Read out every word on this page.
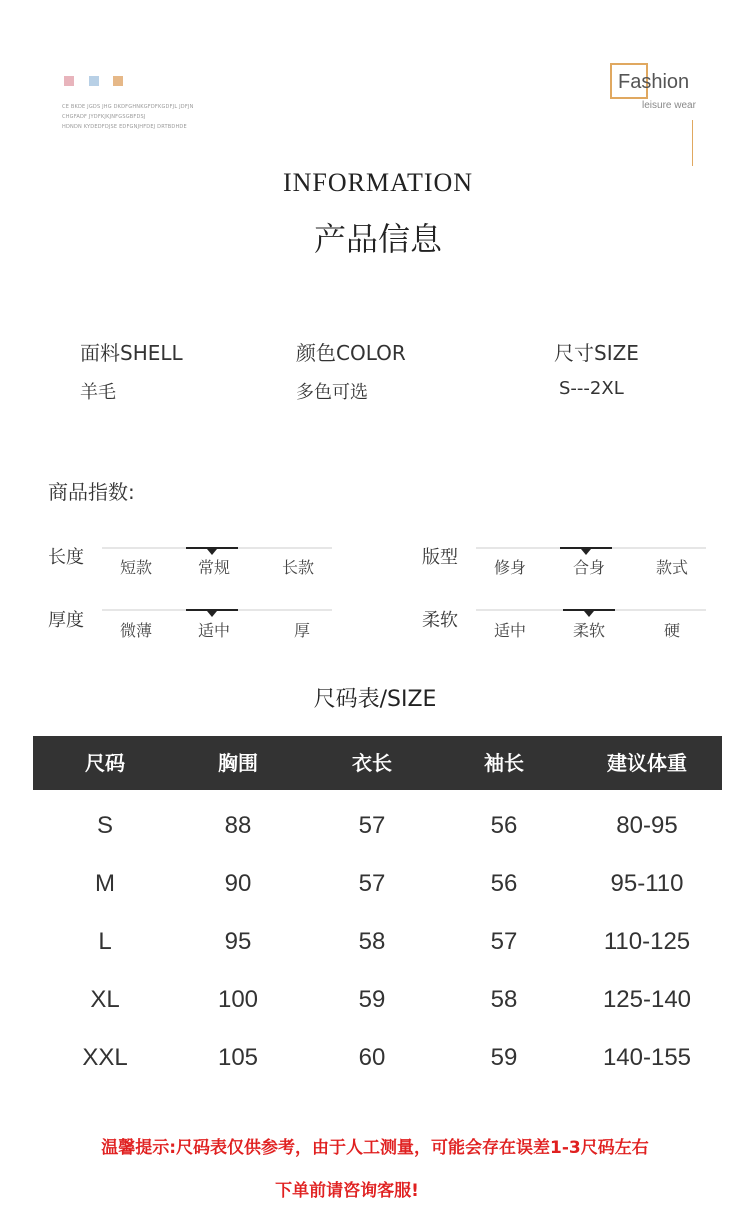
CE BKDE JGDS JHG DKDFGHNKGFDFKGDFJL JDFJN
CHGFADF JYDFKJKJNFGSGBFDSJ
HDNDN KYDEDFDJSE EDFGNJHFDEJ DRTBDHDE
Fashion
leisure wear
INFORMATION
产品信息
面料SHELL
羊毛
颜色COLOR
多色可选
尺寸SIZE
S---2XL
商品指数:
长度 短款	常规	长款	版型 修身	合身	款式
厚度 微薄	适中	厚	柔软 适中	柔软	硬
尺码表/SIZE
尺码	胸围	衣长	袖长	建议体重
S	88	57	56	80-95
M	90	57	56	95-110
L	95	58	57	110-125
XL	100	59	58	125-140
XXL	105	60	59	140-155
温馨提示:尺码表仅供参考，由于人工测量，可能会存在误差1-3尺码左右
下单前请咨询客服!
